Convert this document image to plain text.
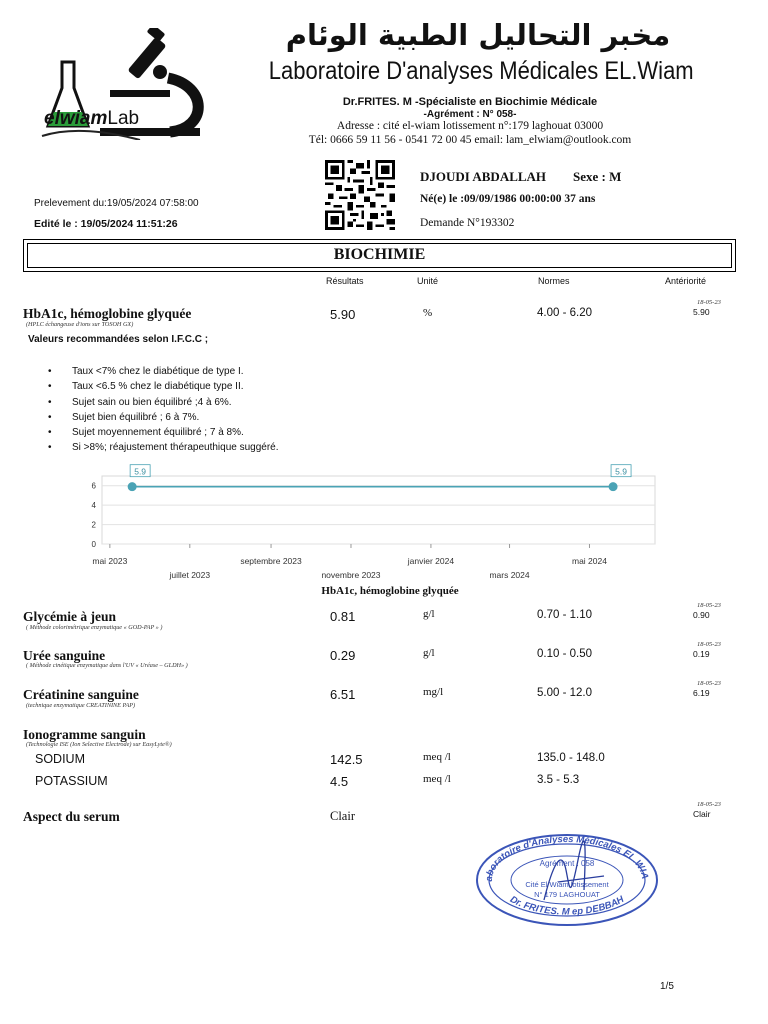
elwiamLab
مخبر التحاليل الطبية الوئام
Laboratoire D'analyses Médicales EL.Wiam
Dr.FRITES. M -Spécialiste en Biochimie Médicale
-Agrément : N° 058-
Adresse : cité el-wiam lotissement n°:179 laghouat 03000
Tél: 0666 59 11 56 - 0541 72 00 45 email: lam_elwiam@outlook.com
Prelevement du:19/05/2024 07:58:00
Edité le : 19/05/2024 11:51:26
DJOUDI ABDALLAH Sexe : M
Né(e) le :09/09/1986 00:00:00 37 ans
Demande N°193302
BIOCHIMIE
Résultats	Unité	Normes	Antériorité
HbA1c, hémoglobine glyquée
(HPLC échangeuse d'ions sur TOSOH GX)
5.90	%	4.00 - 6.20
18-05-23
5.90
Valeurs recommandées selon I.F.C.C ;
• Taux <7% chez le diabétique de type I.
• Taux <6.5 % chez le diabétique type II.
• Sujet sain ou bien équilibré ;4 à 6%.
• Sujet bien équilibré ; 6 à 7%.
• Sujet moyennement équilibré ; 7 à 8%.
• Si >8%; réajustement thérapeuthique suggéré.
0
2
4
6
mai 2023	septembre 2023	janvier 2024	mai 2024
juillet 2023	novembre 2023	mars 2024
5.9	5.9
HbA1c, hémoglobine glyquée
Glycémie à jeun
( Méthode colorimétrique enzymatique « GOD-PAP » )
0.81	g/l	0.70 - 1.10
18-05-23
0.90
Urée sanguine
( Méthode cinétique enzymatique dans l'UV « Uréase – GLDH» )
0.29	g/l	0.10 - 0.50
18-05-23
0.19
Créatinine sanguine
(technique enzymatique CREATININE PAP)
6.51	mg/l	5.00 - 12.0
18-05-23
6.19
Ionogramme sanguin
(Technologie ISE (Ion Selective Electrode) sur EasyLyte®)
SODIUM	142.5	meq /l	135.0 - 148.0
POTASSIUM	4.5	meq /l	3.5 - 5.3
Aspect du serum	Clair
18-05-23
Clair
aboratoire d'Analyses Médicales EL.WIA
Dr. FRITES. M ep DEBBAH
Agrément : 058
Cité El Wiam lotissement
N° 179 LAGHOUAT
1/5
